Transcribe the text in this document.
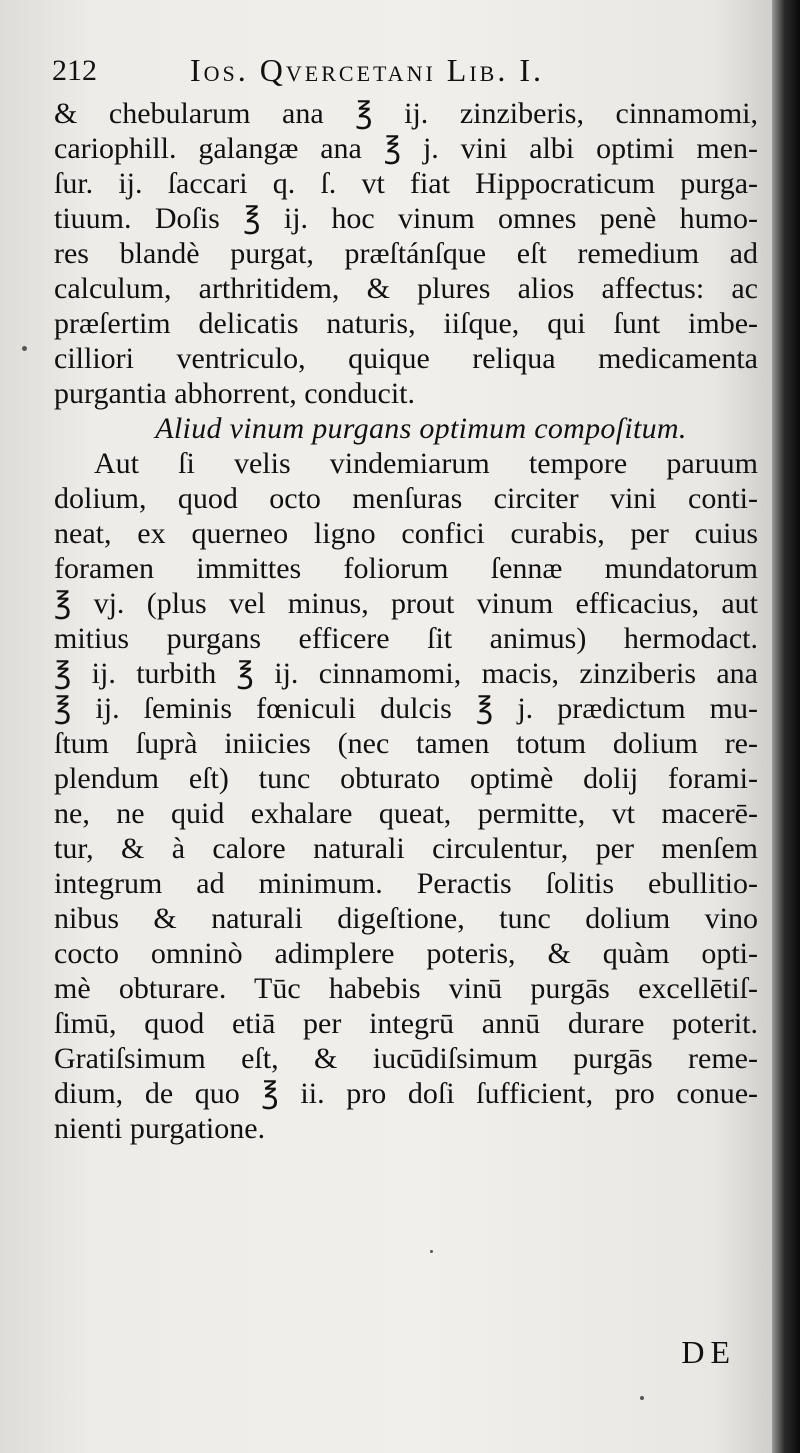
212	Ios. Qvercetani Lib. I.
& chebularum ana ℥ ij. zinziberis, cinnamomi,
cariophill. galangæ ana ℥ j. vini albi optimi men-
ſur. ij. ſaccari q. ſ. vt fiat Hippocraticum purga-
tiuum. Doſis ℥ ij. hoc vinum omnes penè humo-
res blandè purgat, præſtánſque eſt remedium ad
calculum, arthritidem, & plures alios affectus: ac
præſertim delicatis naturis, iiſque, qui ſunt imbe-
cilliori ventriculo, quique reliqua medicamenta
purgantia abhorrent, conducit.
Aliud vinum purgans optimum compoſitum.
Aut ſi velis vindemiarum tempore paruum
dolium, quod octo menſuras circiter vini conti-
neat, ex querneo ligno confici curabis, per cuius
foramen immittes foliorum ſennæ mundatorum
℥ vj. (plus vel minus, prout vinum efficacius, aut
mitius purgans efficere ſit animus) hermodact.
℥ ij. turbith ℥ ij. cinnamomi, macis, zinziberis ana
℥ ij. ſeminis fœniculi dulcis ℥ j. prædictum mu-
ſtum ſuprà iniicies (nec tamen totum dolium re-
plendum eſt) tunc obturato optimè dolij forami-
ne, ne quid exhalare queat, permitte, vt macerē-
tur, & à calore naturali circulentur, per menſem
integrum ad minimum. Peractis ſolitis ebullitio-
nibus & naturali digeſtione, tunc dolium vino
cocto omninò adimplere poteris, & quàm opti-
mè obturare. Tūc habebis vinū purgās excellētiſ-
ſimū, quod etiā per integrū annū durare poterit.
Gratiſsimum eſt, & iucūdiſsimum purgās reme-
dium, de quo ℥ ii. pro doſi ſufficient, pro conue-
nienti purgatione.
DE
